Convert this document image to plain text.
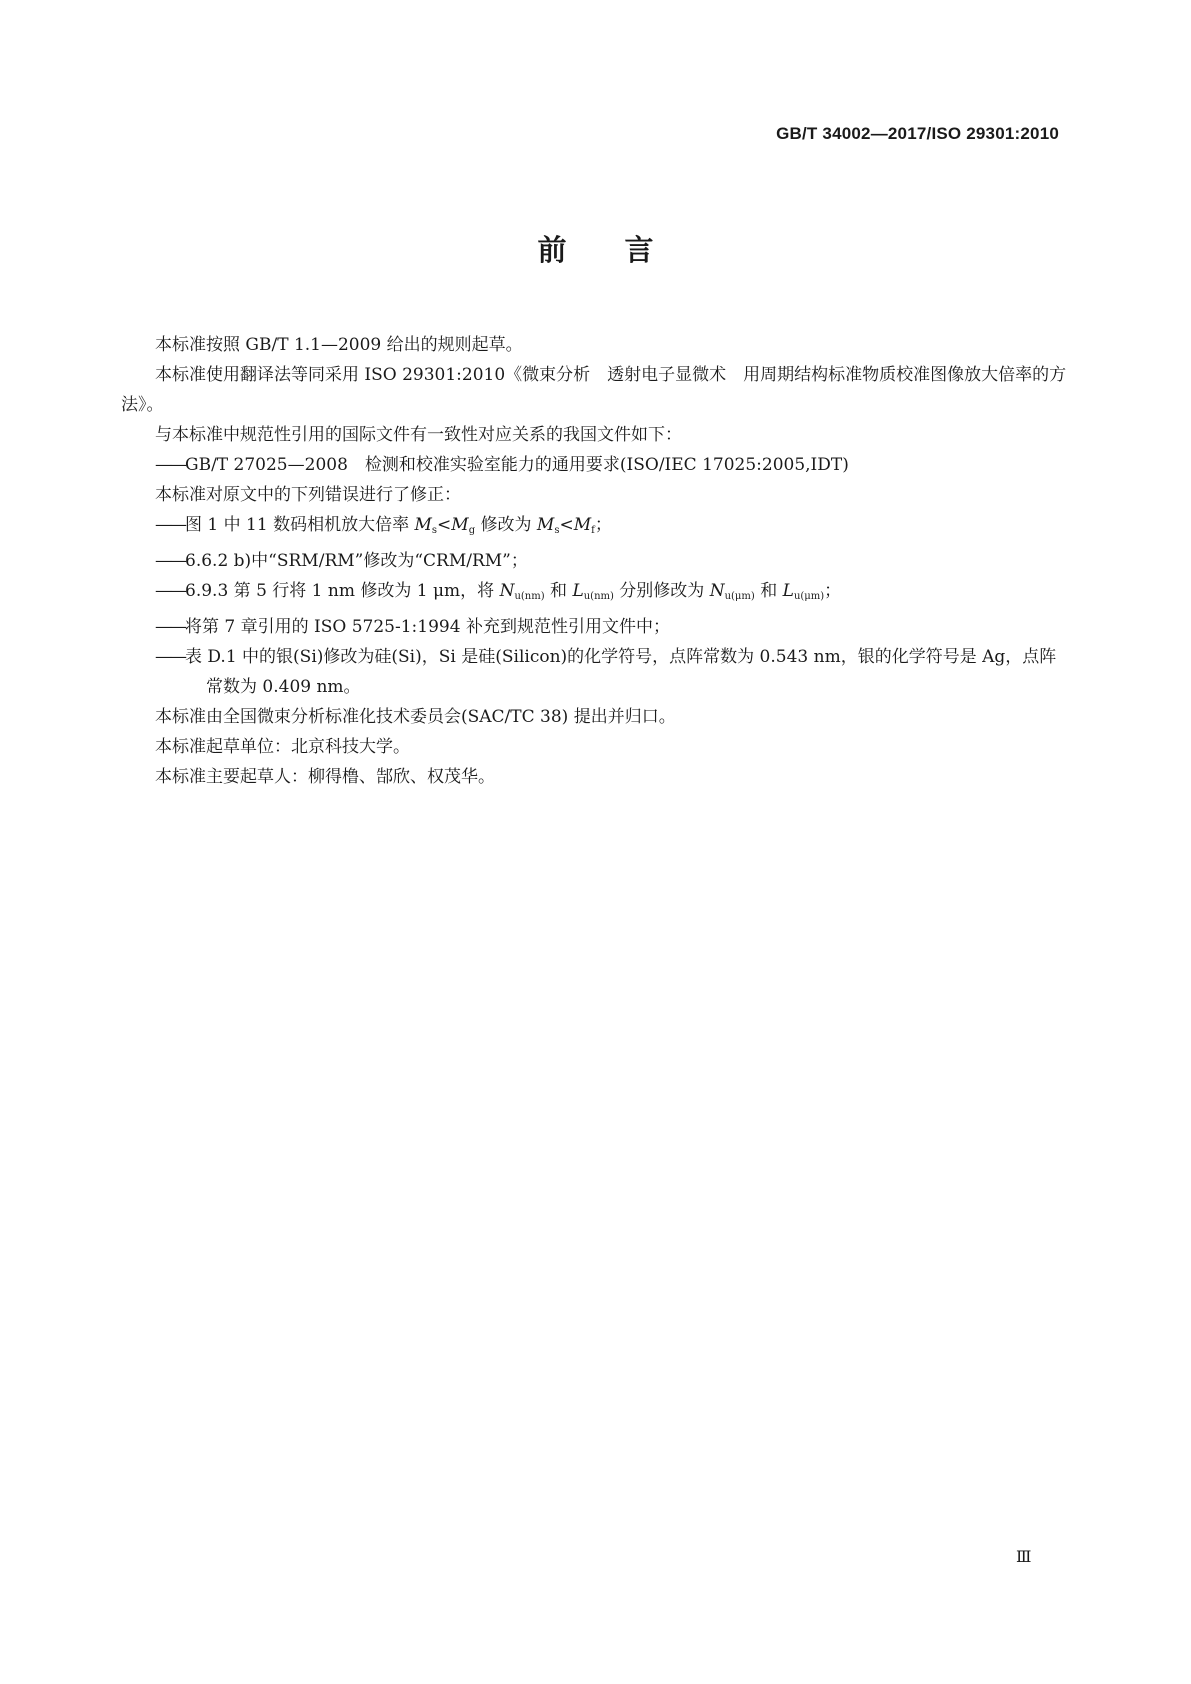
GB/T 34002—2017/ISO 29301:2010
前言

本标准按照 GB/T 1.1—2009 给出的规则起草。

本标准使用翻译法等同采用 ISO 29301:2010《微束分析　透射电子显微术　用周期结构标准物质校准图像放大倍率的方法》。

与本标准中规范性引用的国际文件有一致性对应关系的我国文件如下：

——GB/T 27025—2008　检测和校准实验室能力的通用要求(ISO/IEC 17025:2005,IDT)

本标准对原文中的下列错误进行了修正：

——图 1 中 11 数码相机放大倍率 $M_s<M_g$ 修改为 $M_s<M_f$；

——6.6.2 b)中“SRM/RM”修改为“CRM/RM”；

——6.9.3 第 5 行将 1 nm 修改为 1 μm，将 $N_{u(nm)}$ 和 $L_{u(nm)}$ 分别修改为 $N_{u(\mu m)}$ 和 $L_{u(\mu m)}$；

——将第 7 章引用的 ISO 5725-1:1994 补充到规范性引用文件中；

——表 D.1 中的银(Si)修改为硅(Si)，Si 是硅(Silicon)的化学符号，点阵常数为 0.543 nm，银的化学符号是 Ag，点阵常数为 0.409 nm。

本标准由全国微束分析标准化技术委员会(SAC/TC 38) 提出并归口。

本标准起草单位：北京科技大学。

本标准主要起草人：柳得橹、郜欣、权茂华。

Ⅲ
